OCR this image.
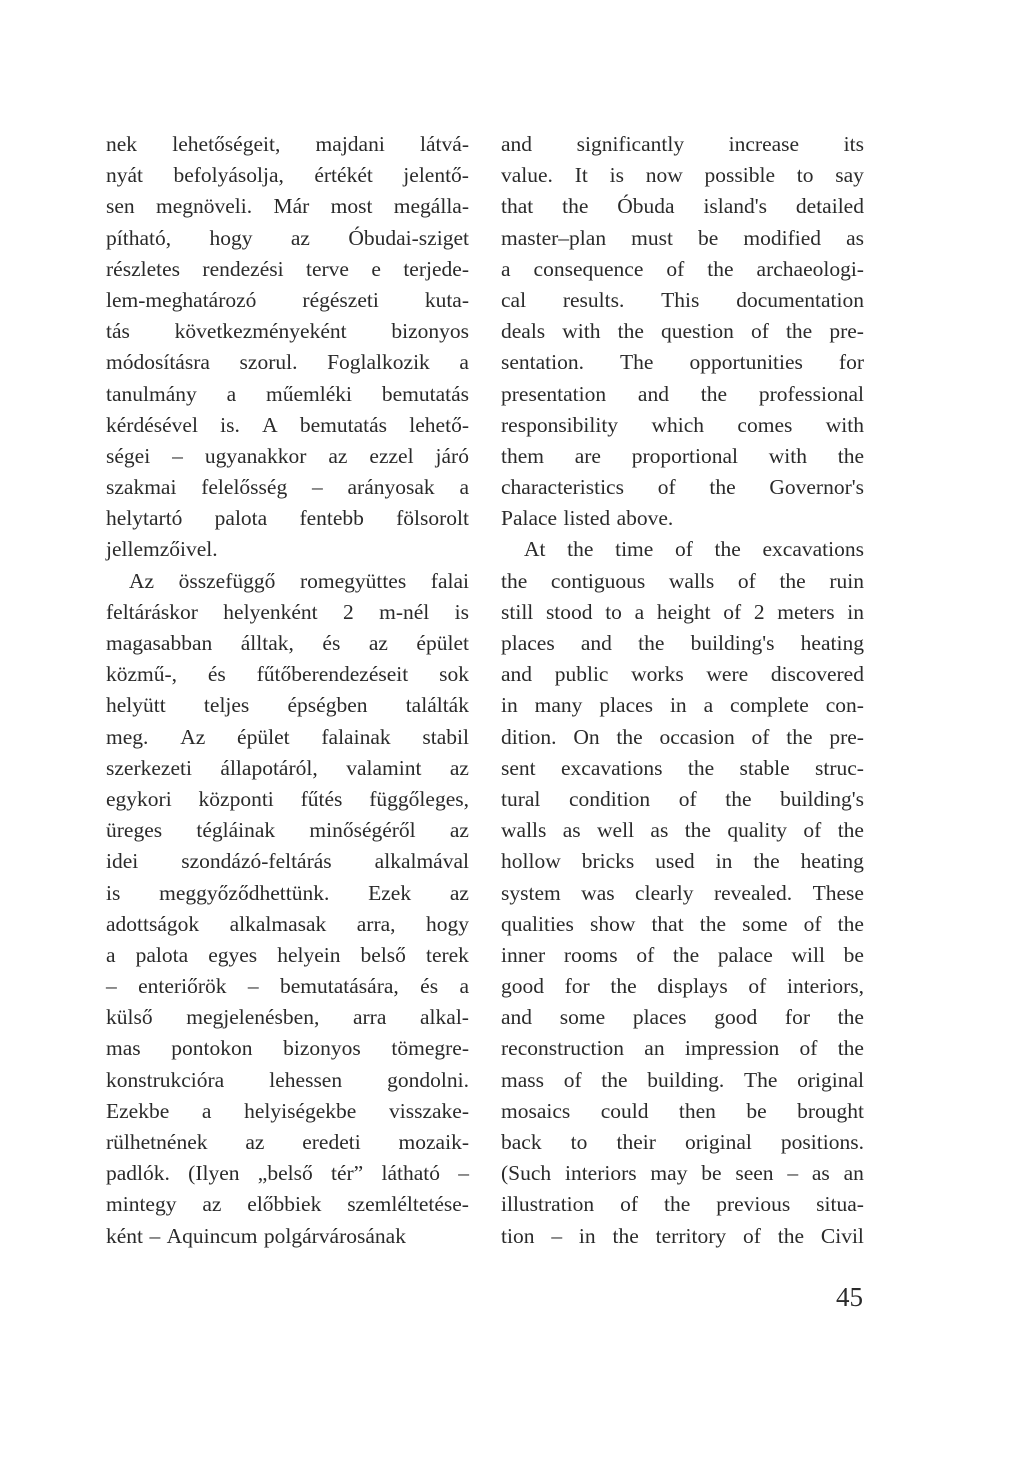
nek lehetőségeit, majdani látvá-
nyát befolyásolja, értékét jelentő-
sen megnöveli. Már most megálla-
pítható, hogy az Óbudai-sziget
részletes rendezési terve e terjede-
lem-meghatározó régészeti kuta-
tás következményeként bizonyos
módosításra szorul. Foglalkozik a
tanulmány a műemléki bemutatás
kérdésével is. A bemutatás lehető-
ségei – ugyanakkor az ezzel járó
szakmai felelősség – arányosak a
helytartó palota fentebb fölsorolt
jellemzőivel.
Az összefüggő romegyüttes falai
feltáráskor helyenként 2 m-nél is
magasabban álltak, és az épület
közmű-, és fűtőberendezéseit sok
helyütt teljes épségben találták
meg. Az épület falainak stabil
szerkezeti állapotáról, valamint az
egykori központi fűtés függőleges,
üreges tégláinak minőségéről az
idei szondázó-feltárás alkalmával
is meggyőződhettünk. Ezek az
adottságok alkalmasak arra, hogy
a palota egyes helyein belső terek
– enteriőrök – bemutatására, és a
külső megjelenésben, arra alkal-
mas pontokon bizonyos tömegre-
konstrukcióra lehessen gondolni.
Ezekbe a helyiségekbe visszake-
rülhetnének az eredeti mozaik-
padlók. (Ilyen „belső tér” látható –
mintegy az előbbiek szemléltetése-
ként – Aquincum polgárvárosának
and significantly increase its
value. It is now possible to say
that the Óbuda island's detailed
master–plan must be modified as
a consequence of the archaeologi-
cal results. This documentation
deals with the question of the pre-
sentation. The opportunities for
presentation and the professional
responsibility which comes with
them are proportional with the
characteristics of the Governor's
Palace listed above.
At the time of the excavations
the contiguous walls of the ruin
still stood to a height of 2 meters in
places and the building's heating
and public works were discovered
in many places in a complete con-
dition. On the occasion of the pre-
sent excavations the stable struc-
tural condition of the building's
walls as well as the quality of the
hollow bricks used in the heating
system was clearly revealed. These
qualities show that the some of the
inner rooms of the palace will be
good for the displays of interiors,
and some places good for the
reconstruction an impression of the
mass of the building. The original
mosaics could then be brought
back to their original positions.
(Such interiors may be seen – as an
illustration of the previous situa-
tion – in the territory of the Civil
45
